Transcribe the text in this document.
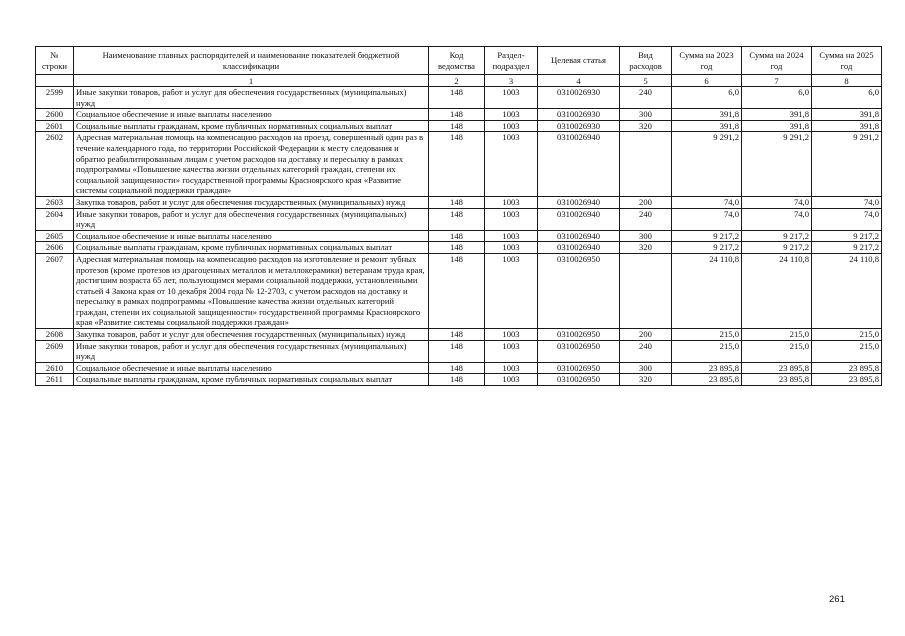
№ строки	Наименование главных распорядителей и наименование показателей бюджетной классификации	Код ведомства	Раздел-подраздел	Целевая статья	Вид расходов	Сумма на 2023 год	Сумма на 2024 год	Сумма на 2025 год
	1	2	3	4	5	6	7	8
2599	Иные закупки товаров, работ и услуг для обеспечения государственных (муниципальных) нужд	148	1003	0310026930	240	6,0	6,0	6,0
2600	Социальное обеспечение и иные выплаты населению	148	1003	0310026930	300	391,8	391,8	391,8
2601	Социальные выплаты гражданам, кроме публичных нормативных социальных выплат	148	1003	0310026930	320	391,8	391,8	391,8
2602	Адресная материальная помощь на компенсацию расходов на проезд, совершенный один раз в течение календарного года, по территории Российской Федерации к месту следования и обратно реабилитированным лицам с учетом расходов на доставку и пересылку в рамках подпрограммы «Повышение качества жизни отдельных категорий граждан, степени их социальной защищенности» государственной программы Красноярского края «Развитие системы социальной поддержки граждан»	148	1003	0310026940		9 291,2	9 291,2	9 291,2
2603	Закупка товаров, работ и услуг для обеспечения государственных (муниципальных) нужд	148	1003	0310026940	200	74,0	74,0	74,0
2604	Иные закупки товаров, работ и услуг для обеспечения государственных (муниципальных) нужд	148	1003	0310026940	240	74,0	74,0	74,0
2605	Социальное обеспечение и иные выплаты населению	148	1003	0310026940	300	9 217,2	9 217,2	9 217,2
2606	Социальные выплаты гражданам, кроме публичных нормативных социальных выплат	148	1003	0310026940	320	9 217,2	9 217,2	9 217,2
2607	Адресная материальная помощь на компенсацию расходов на изготовление и ремонт зубных протезов (кроме протезов из драгоценных металлов и металлокерамики) ветеранам труда края, достигшим возраста 65 лет, пользующимся мерами социальной поддержки, установленными статьей 4 Закона края от 10 декабря 2004 года № 12-2703, с учетом расходов на доставку и пересылку в рамках подпрограммы «Повышение качества жизни отдельных категорий граждан, степени их социальной защищенности» государственной программы Красноярского края «Развитие системы социальной поддержки граждан»	148	1003	0310026950		24 110,8	24 110,8	24 110,8
2608	Закупка товаров, работ и услуг для обеспечения государственных (муниципальных) нужд	148	1003	0310026950	200	215,0	215,0	215,0
2609	Иные закупки товаров, работ и услуг для обеспечения государственных (муниципальных) нужд	148	1003	0310026950	240	215,0	215,0	215,0
2610	Социальное обеспечение и иные выплаты населению	148	1003	0310026950	300	23 895,8	23 895,8	23 895,8
2611	Социальные выплаты гражданам, кроме публичных нормативных социальных выплат	148	1003	0310026950	320	23 895,8	23 895,8	23 895,8
261
